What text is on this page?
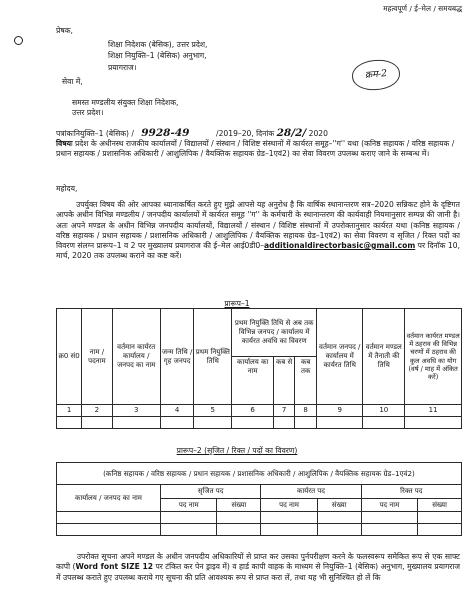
महत्वपूर्ण / ई–मेल / समयबद्ध
प्रेषक,
शिक्षा निदेशक (बेसिक), उत्तर प्रदेश,
शिक्षा नियुक्ति–1 (बेसिक) अनुभाग,
प्रयागराज।
सेवा में,
समस्त मण्डलीय संयुक्त शिक्षा निदेशक,
उत्तर प्रदेश।
क्रम-2
पत्रांकःनियुक्ति–1 (बेसिक) / 9928-49	/2019–20, दिनांक 28/2/ 2020
विषयः प्रदेश के अधीनस्थ राजकीय कार्यालयों / विद्यालयों / संस्थान / विशिष्ट संस्थानों में कार्यरत समूह–''ग'' यथा (कनिष्ठ सहायक / वरिष्ठ सहायक / प्रधान सहायक / प्रशासनिक अधिकारी / आशुलिपिक / वैयक्तिक सहायक ग्रेड–1एवं2) का सेवा विवरण उपलब्ध कराए जाने के सम्बन्ध में।
महोदय,
उपर्युक्त विषय की ओर आपका ध्यानाकर्षित करते हुए मुझे आपसे यह अनुरोध है कि वार्षिक स्थानान्तरण सत्र–2020 सन्निकट होने के दृष्टिगत आपके अधीन विभिन्न मण्डलीय / जनपदीय कार्यालयों में कार्यरत समूह ''ग'' के कर्मचारी के स्थानान्तरण की कार्यवाही नियमानुसार सम्पन्न की जानी है। अतः अपने मण्डल के अधीन विभिन्न जनपदीय कार्यालयों, विद्यालयों / संस्थान / विशिष्ट संस्थानों में उपरोक्तानुसार कार्यरत यथा (कनिष्ठ सहायक / वरिष्ठ सहायक / प्रधान सहायक / प्रशासनिक अधिकारी / आशुलिपिक / वैयक्तिक सहायक ग्रेड–1एवं2) का सेवा विवरण व सृजित / रिक्त पदों का विवरण संलग्न प्रारूप–1 व 2 पर मुख्यालय प्रयागराज की ई–मेल आई0डी0–additionaldirectorbasic@gmail.com पर दिनॉक 10, मार्च, 2020 तक उपलब्ध कराने का कष्ट करें।
प्रारूप–1
क्र0 सं0	नाम / पदनाम	वर्तमान कार्यरत कार्यालय / जनपद का नाम	जन्म तिथि / गृह जनपद	प्रथम नियुक्ति तिथि	प्रथम नियुक्ति तिथि से अब तक विभिन्न जनपद / कार्यालय में कार्यरत अवधि का विवरण			वर्तमान जनपद / कार्यालय में कार्यरत तिथि	वर्तमान मण्डल में तैनाती की तिथि	वर्तमान कार्यरत मण्डल में ठहराव की विभिन्न चरणों में ठहराव की कुल अवधि का योग (वर्ष / माह में अंकित करें)
					कार्यालय का नाम	कब से	कब तक			
1	2	3	4	5	6	7	8	9	10	11

प्रारूप–2 (सृजित / रिक्त / पदों का विवरण)
(कनिष्ठ सहायक / वरिष्ठ सहायक / प्रधान सहायक / प्रशासनिक अधिकारी / आशुलिपिक / वैयक्तिक सहायक ग्रेड–1एवं2)						
कार्यालय / जनपद का नाम	सृजित पद		कार्यरत पद		रिक्त पद	
	पद नाम	संख्या	पद नाम	संख्या	पद नाम	संख्या

उपरोक्त सूचना अपने मण्डल के अधीन जनपदीय अधिकारियों से प्राप्त कर उसका पुर्नपरीक्षण करने के फलस्वरूप समेकित रूप से एक साफ्ट कापी (Word font SIZE 12 पर टंकित कर पेन ड्राइव में) व हार्ड कापी वाहक के माध्यम से नियुक्ति–1 (बेसिक) अनुभाग, मुख्यालय प्रयागराज में उपलब्ध कराते हुए उपलब्ध कराये गए सूचना की प्रति आवश्यक रूप से प्राप्त करा लें, तथा यह भी सुनिश्चित हो लें कि
